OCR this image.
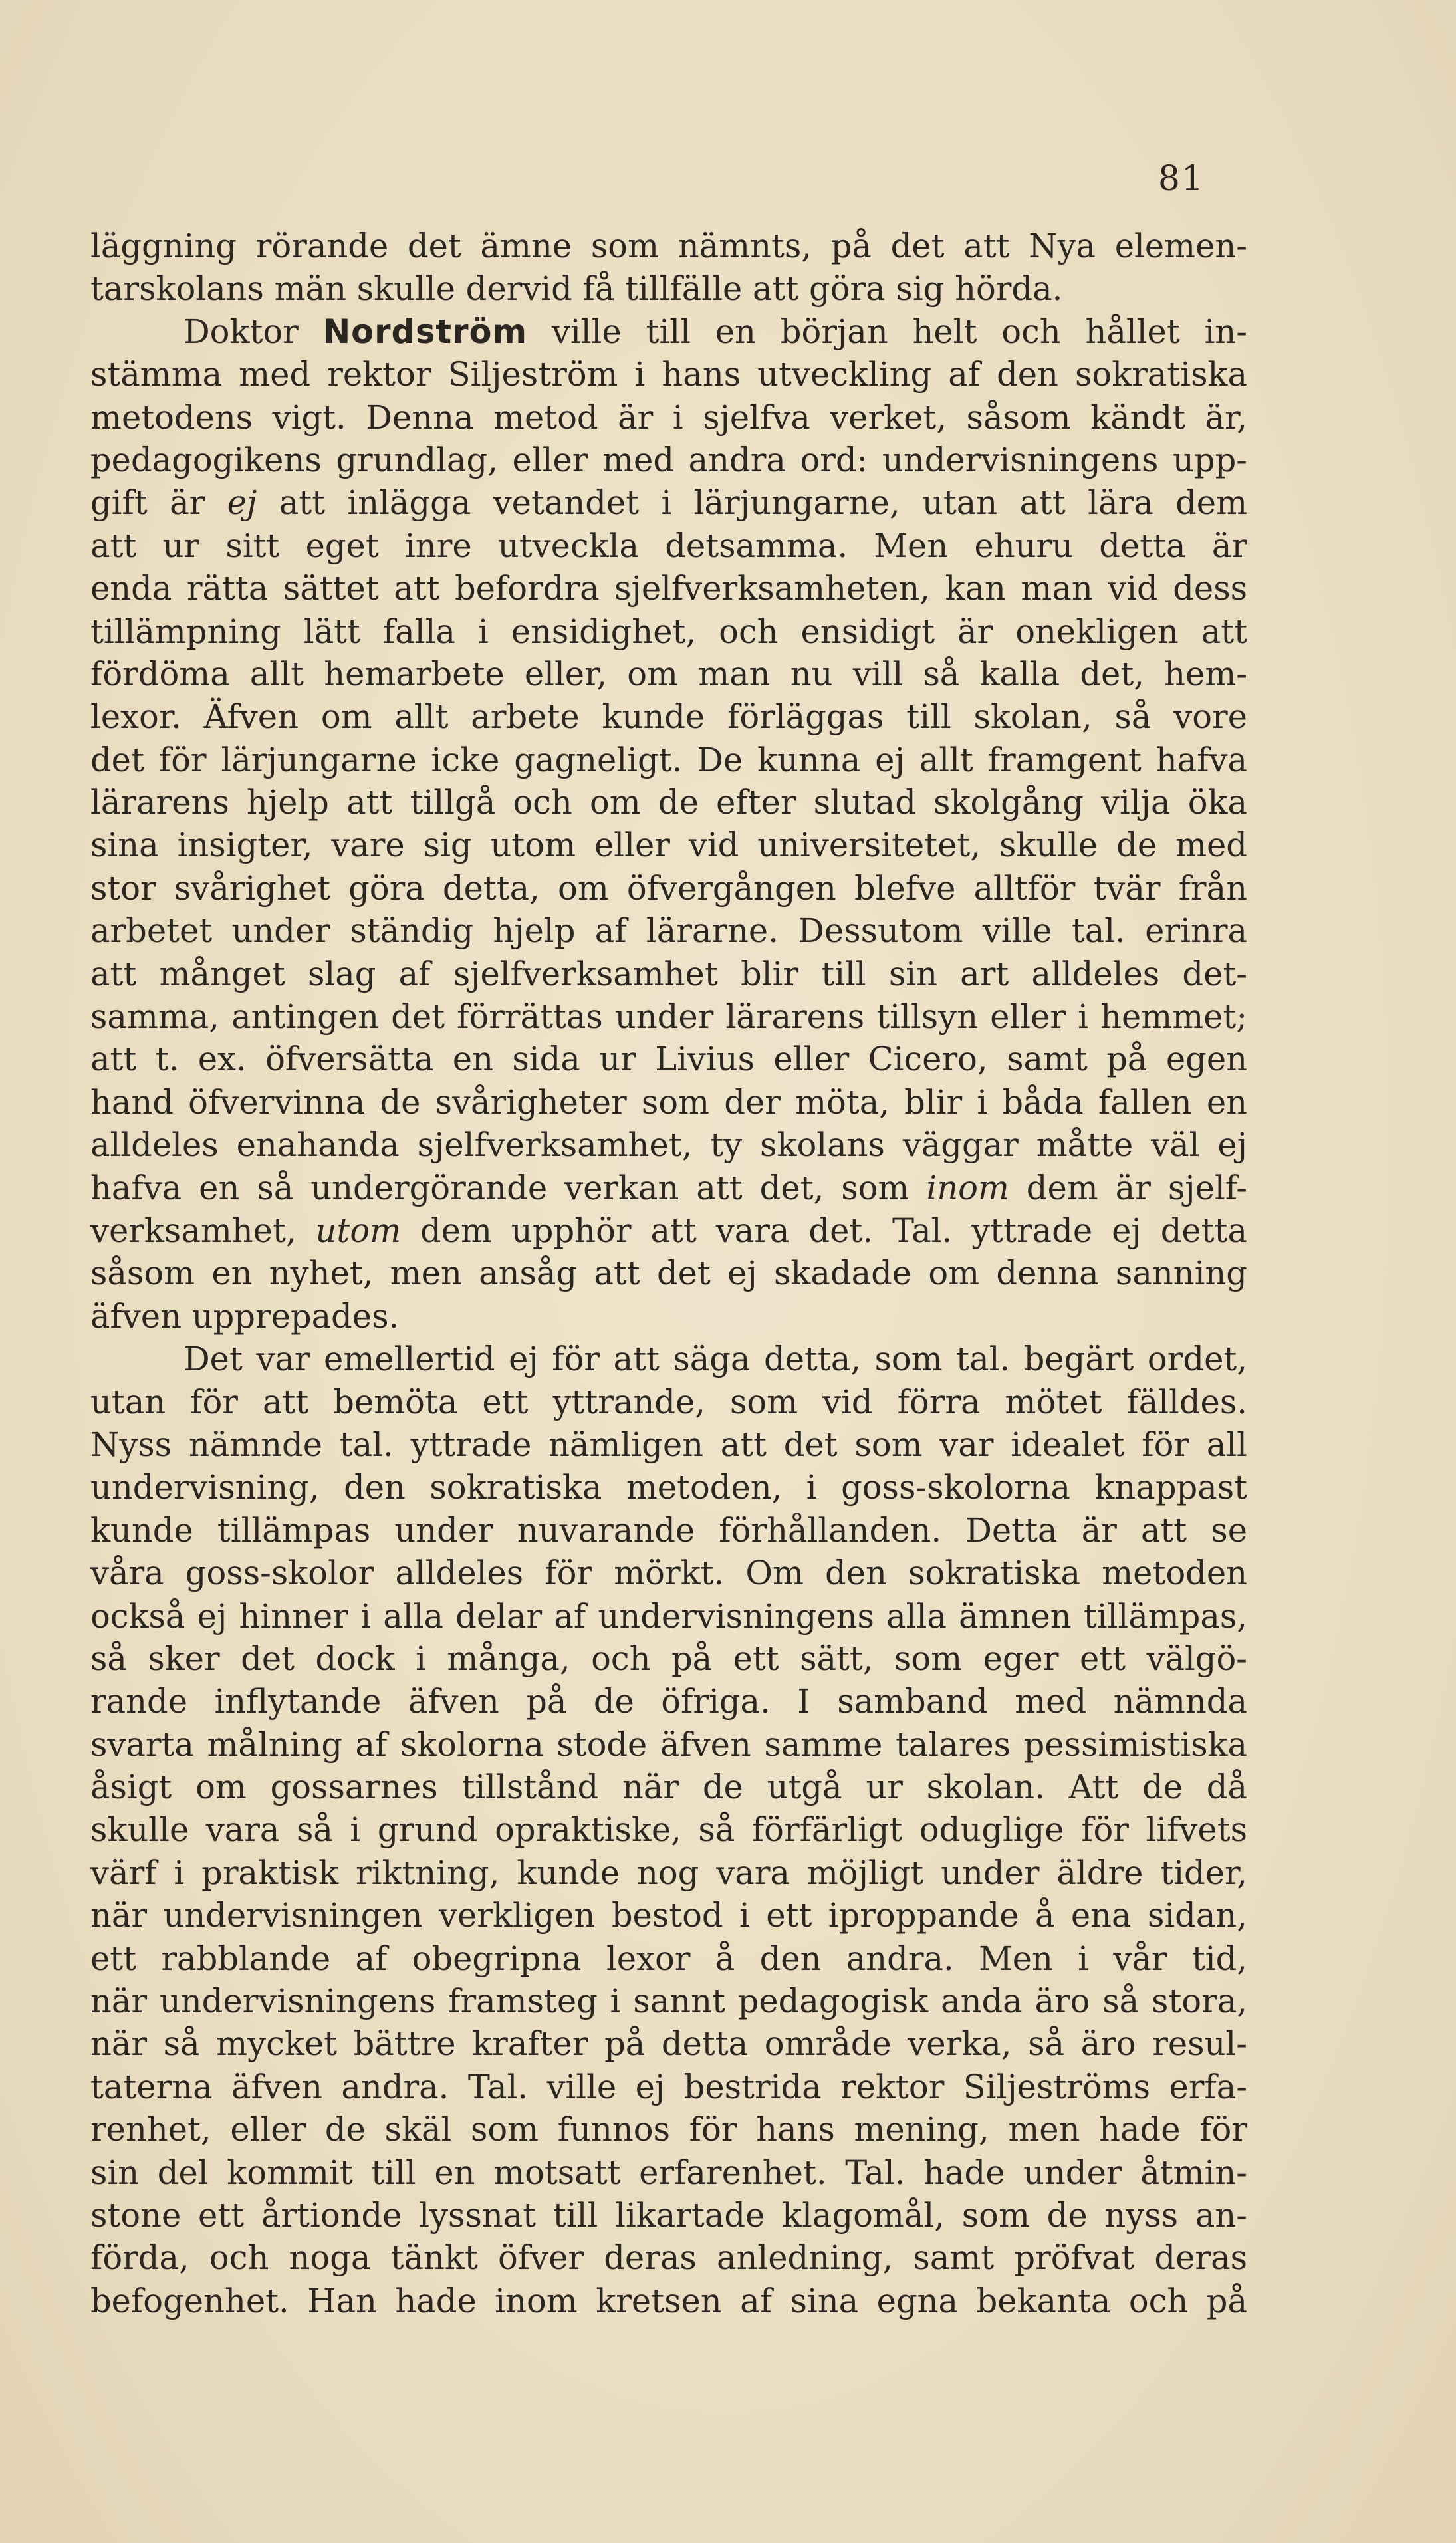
81
läggning rörande det ämne som nämnts, på det att Nya elemen-
tarskolans män skulle dervid få tillfälle att göra sig hörda.
Doktor Nordström ville till en början helt och hållet in-
stämma med rektor Siljeström i hans utveckling af den sokratiska
metodens vigt. Denna metod är i sjelfva verket, såsom kändt är,
pedagogikens grundlag, eller med andra ord: undervisningens upp-
gift är ej att inlägga vetandet i lärjungarne, utan att lära dem
att ur sitt eget inre utveckla detsamma. Men ehuru detta är
enda rätta sättet att befordra sjelfverksamheten, kan man vid dess
tillämpning lätt falla i ensidighet, och ensidigt är onekligen att
fördöma allt hemarbete eller, om man nu vill så kalla det, hem-
lexor. Äfven om allt arbete kunde förläggas till skolan, så vore
det för lärjungarne icke gagneligt. De kunna ej allt framgent hafva
lärarens hjelp att tillgå och om de efter slutad skolgång vilja öka
sina insigter, vare sig utom eller vid universitetet, skulle de med
stor svårighet göra detta, om öfvergången blefve alltför tvär från
arbetet under ständig hjelp af lärarne. Dessutom ville tal. erinra
att månget slag af sjelfverksamhet blir till sin art alldeles det-
samma, antingen det förrättas under lärarens tillsyn eller i hemmet;
att t. ex. öfversätta en sida ur Livius eller Cicero, samt på egen
hand öfvervinna de svårigheter som der möta, blir i båda fallen en
alldeles enahanda sjelfverksamhet, ty skolans väggar måtte väl ej
hafva en så undergörande verkan att det, som inom dem är sjelf-
verksamhet, utom dem upphör att vara det. Tal. yttrade ej detta
såsom en nyhet, men ansåg att det ej skadade om denna sanning
äfven upprepades.
Det var emellertid ej för att säga detta, som tal. begärt ordet,
utan för att bemöta ett yttrande, som vid förra mötet fälldes.
Nyss nämnde tal. yttrade nämligen att det som var idealet för all
undervisning, den sokratiska metoden, i goss-skolorna knappast
kunde tillämpas under nuvarande förhållanden. Detta är att se
våra goss-skolor alldeles för mörkt. Om den sokratiska metoden
också ej hinner i alla delar af undervisningens alla ämnen tillämpas,
så sker det dock i många, och på ett sätt, som eger ett välgö-
rande inflytande äfven på de öfriga. I samband med nämnda
svarta målning af skolorna stode äfven samme talares pessimistiska
åsigt om gossarnes tillstånd när de utgå ur skolan. Att de då
skulle vara så i grund opraktiske, så förfärligt oduglige för lifvets
värf i praktisk riktning, kunde nog vara möjligt under äldre tider,
när undervisningen verkligen bestod i ett iproppande å ena sidan,
ett rabblande af obegripna lexor å den andra. Men i vår tid,
när undervisningens framsteg i sannt pedagogisk anda äro så stora,
när så mycket bättre krafter på detta område verka, så äro resul-
taterna äfven andra. Tal. ville ej bestrida rektor Siljeströms erfa-
renhet, eller de skäl som funnos för hans mening, men hade för
sin del kommit till en motsatt erfarenhet. Tal. hade under åtmin-
stone ett årtionde lyssnat till likartade klagomål, som de nyss an-
förda, och noga tänkt öfver deras anledning, samt pröfvat deras
befogenhet. Han hade inom kretsen af sina egna bekanta och på
